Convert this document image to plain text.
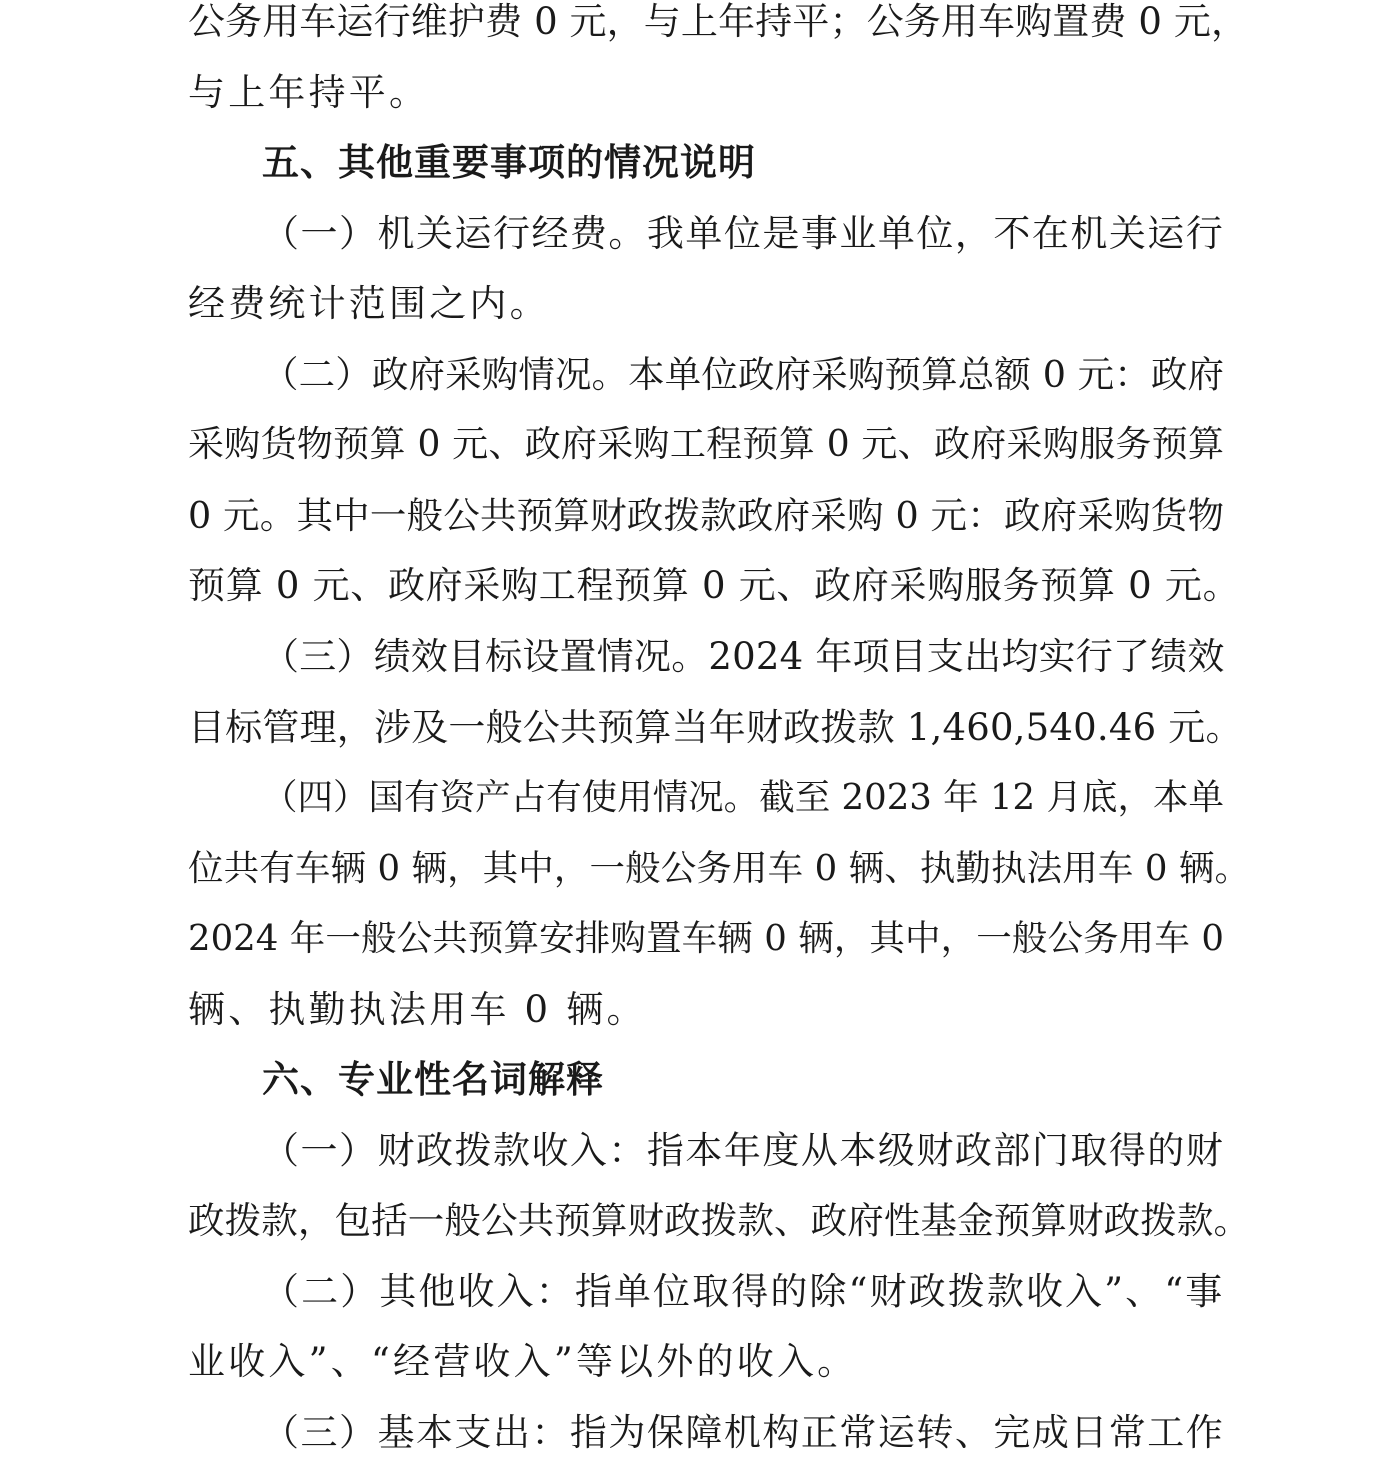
公务用车运行维护费 0 元，与上年持平；公务用车购置费 0 元，
与上年持平。
五、其他重要事项的情况说明
（一）机关运行经费。我单位是事业单位，不在机关运行
经费统计范围之内。
（二）政府采购情况。本单位政府采购预算总额 0 元：政府
采购货物预算 0 元、政府采购工程预算 0 元、政府采购服务预算
0 元。其中一般公共预算财政拨款政府采购 0 元：政府采购货物
预算 0 元、政府采购工程预算 0 元、政府采购服务预算 0 元。
（三）绩效目标设置情况。2024 年项目支出均实行了绩效
目标管理，涉及一般公共预算当年财政拨款 1,460,540.46 元。
（四）国有资产占有使用情况。截至 2023 年 12 月底，本单
位共有车辆 0 辆，其中，一般公务用车 0 辆、执勤执法用车 0 辆。
2024 年一般公共预算安排购置车辆 0 辆，其中，一般公务用车 0
辆、执勤执法用车 0 辆。
六、专业性名词解释
（一）财政拨款收入：指本年度从本级财政部门取得的财
政拨款，包括一般公共预算财政拨款、政府性基金预算财政拨款。
（二）其他收入：指单位取得的除“财政拨款收入”、“事
业收入”、“经营收入”等以外的收入。
（三）基本支出：指为保障机构正常运转、完成日常工作
